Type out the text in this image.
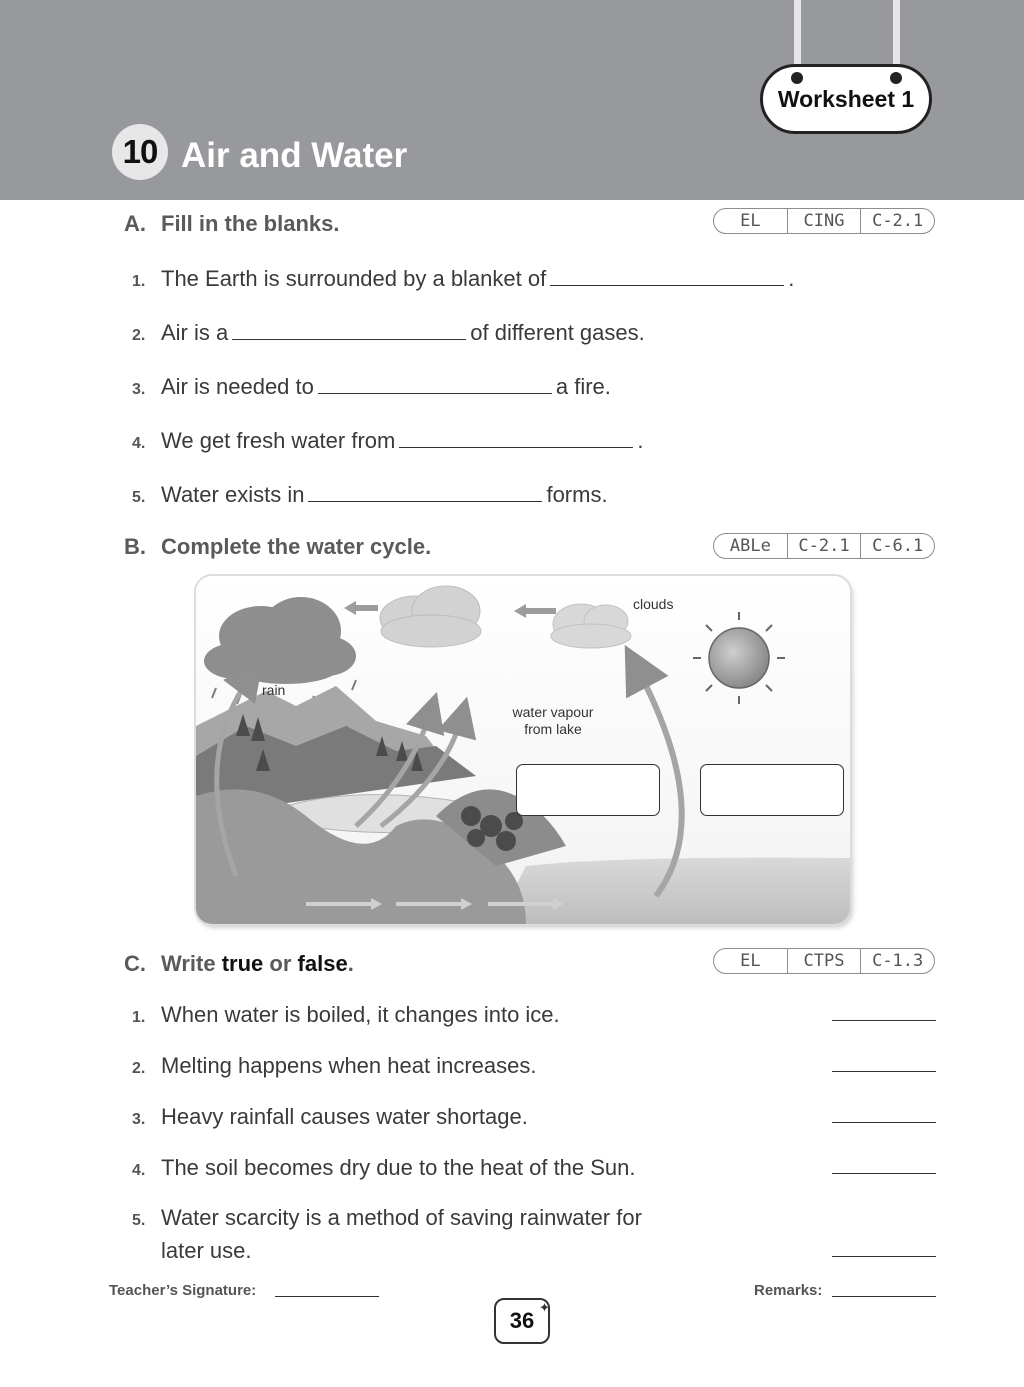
Worksheet 1
10 Air and Water
A. Fill in the blanks.	EL	CING	C-2.1
1. The Earth is surrounded by a blanket of	.
2. Air is a	of different gases.
3. Air is needed to	a fire.
4. We get fresh water from	.
5. Water exists in	forms.
B. Complete the water cycle.	ABLe	C-2.1	C-6.1
clouds
rain
water vapour
from lake
C. Write true or false.	EL	CTPS	C-1.3
1. When water is boiled, it changes into ice.
2. Melting happens when heat increases.
3. Heavy rainfall causes water shortage.
4. The soil becomes dry due to the heat of the Sun.
5. Water scarcity is a method of saving rainwater for
later use.
Teacher’s Signature:	Remarks:
36
✦
